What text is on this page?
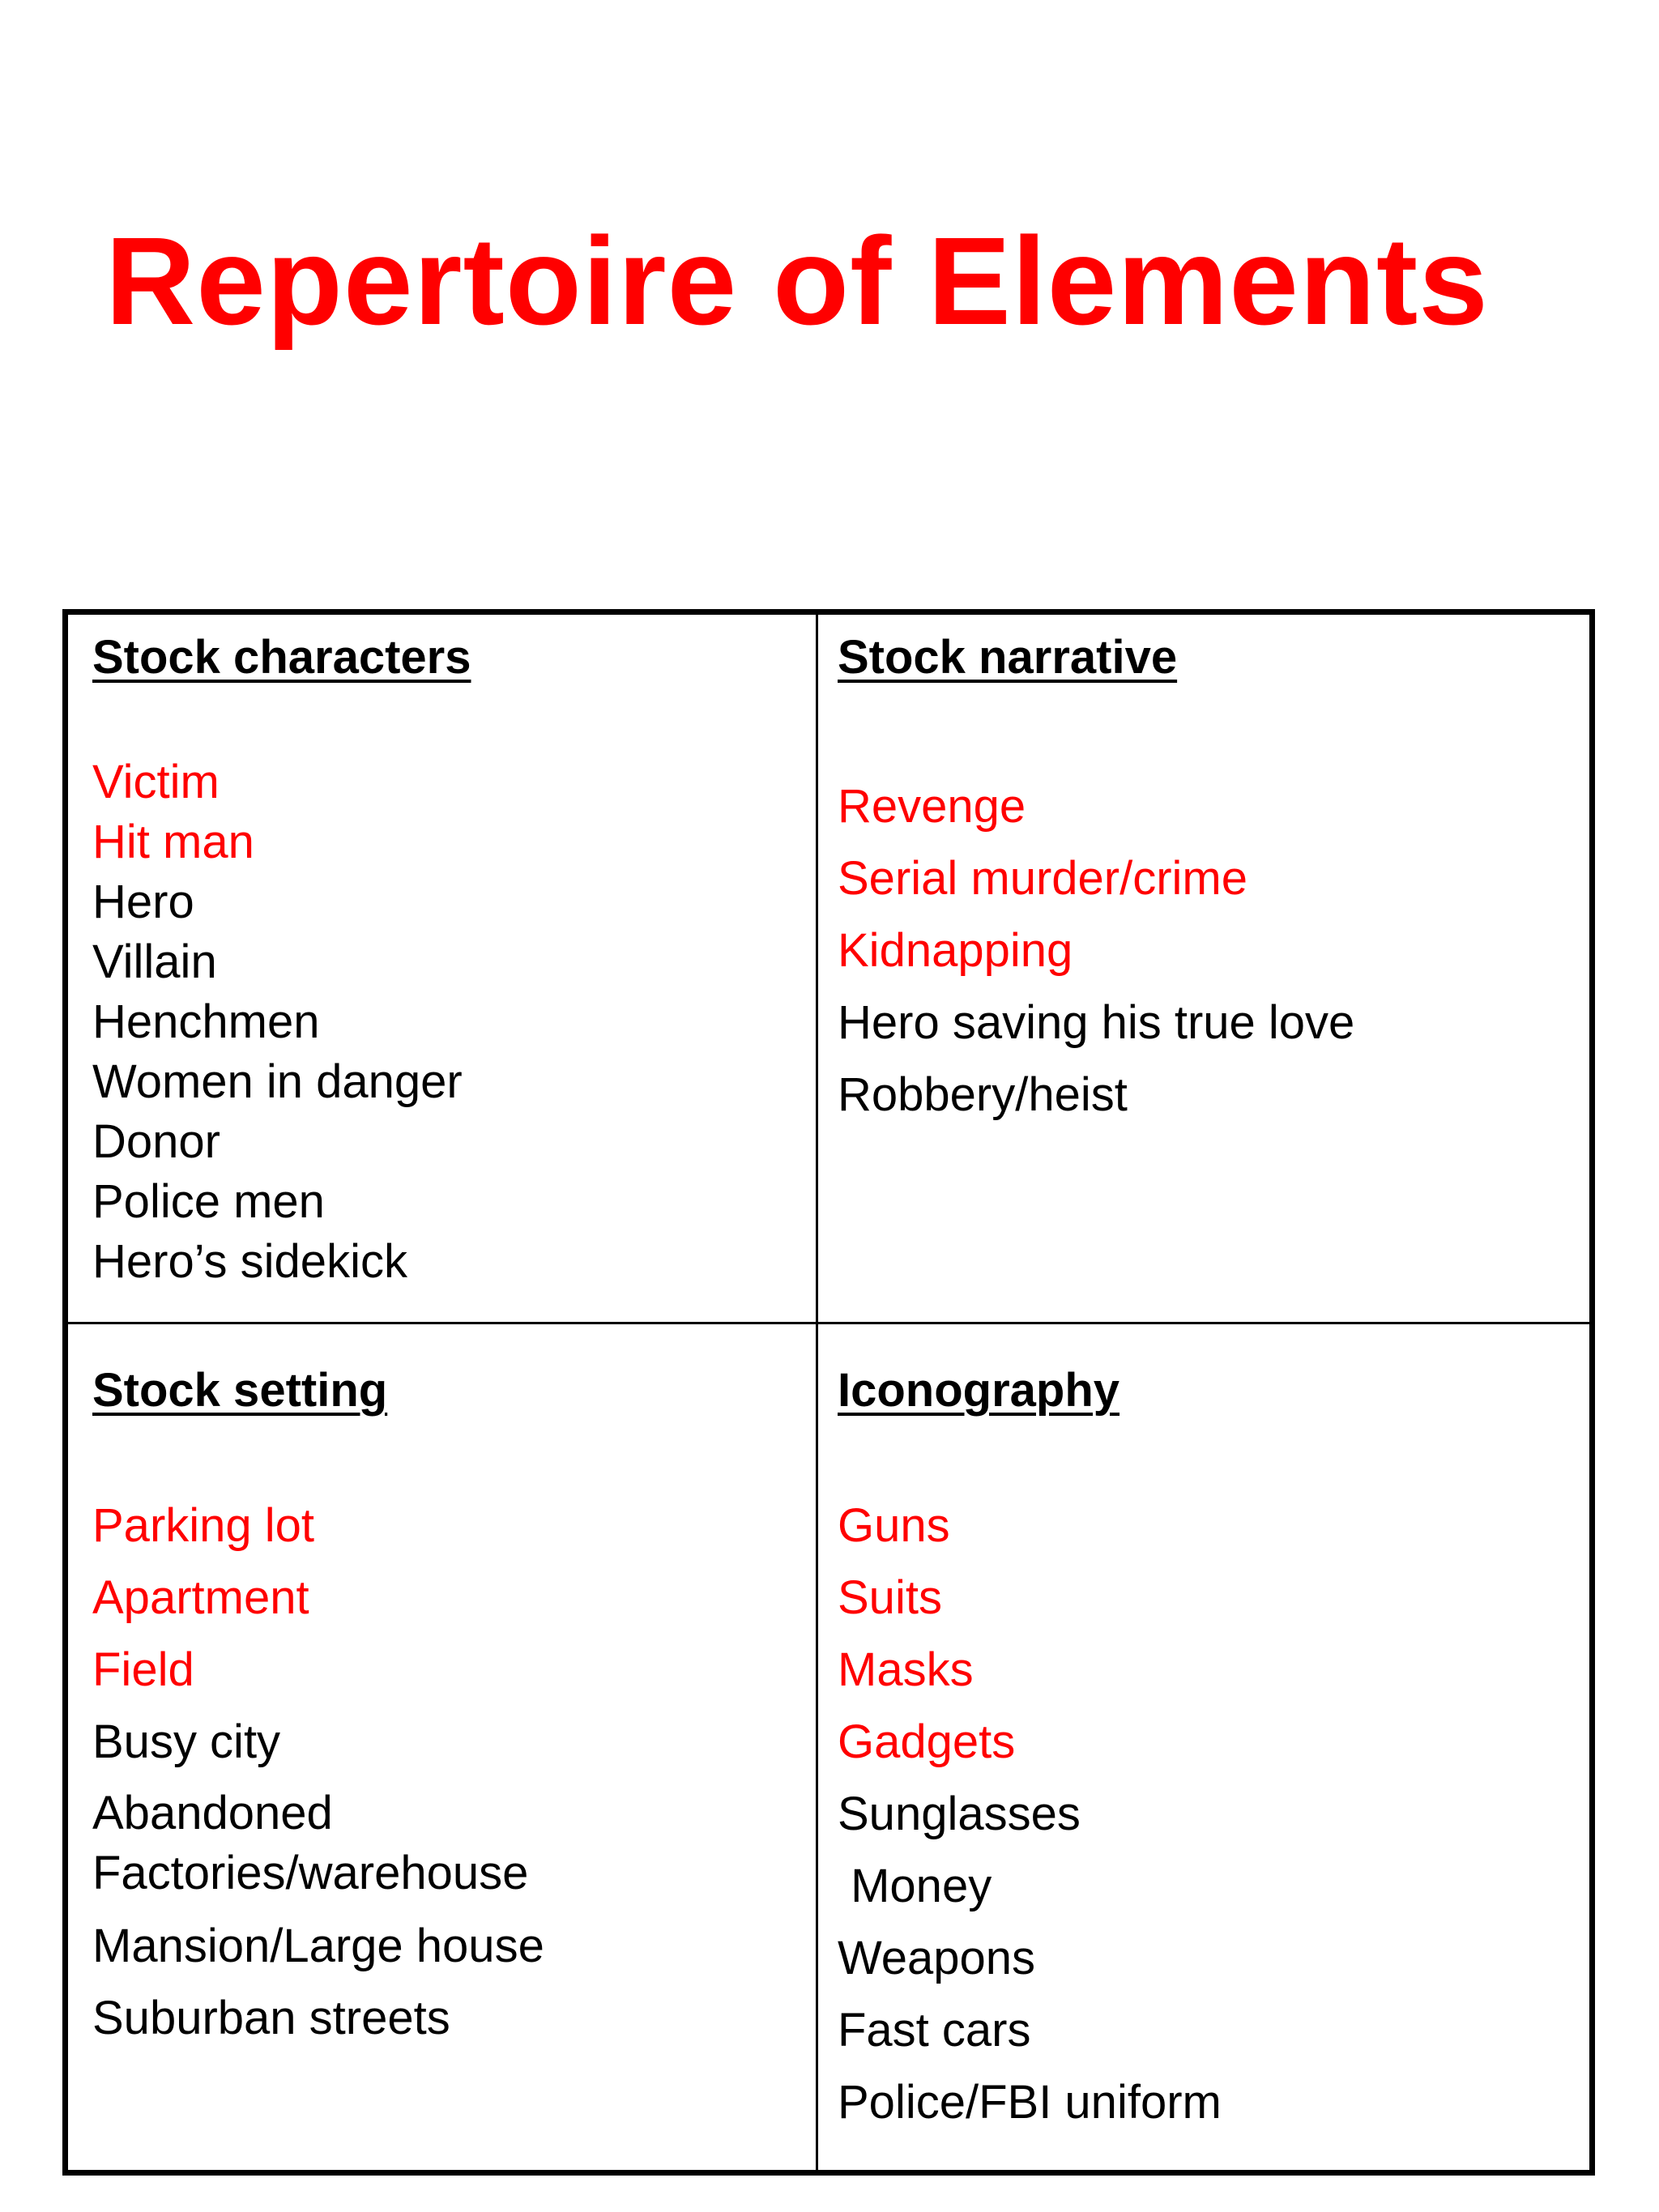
Repertoire of Elements
Stock characters
Victim
Hit man
Hero
Villain
Henchmen
Women in danger
Donor
Police men
Hero’s sidekick
Stock narrative
Revenge
Serial murder/crime
Kidnapping
Hero saving his true love
Robbery/heist
Stock setting
Parking lot
Apartment
Field
Busy city
Abandoned
Factories/warehouse
Mansion/Large house
Suburban streets
Iconography
Guns
Suits
Masks
Gadgets
Sunglasses
Money
Weapons
Fast cars
Police/FBI uniform
